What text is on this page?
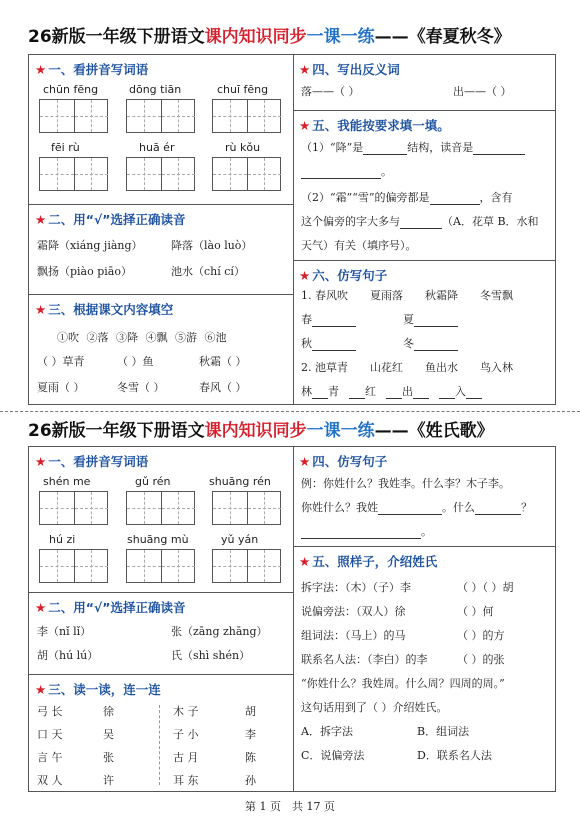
26新版一年级下册语文课内知识同步一课一练——《春夏秋冬》
★ 一、看拼音写词语
chūn fēng	dōng tiān	chuī fēng
fēi rù	huā ér	rù kǒu
★ 二、用“√”选择正确读音
霜降（xiáng jiàng）	降落（lào luò）
飘扬（piào piāo）	池水（chí cí）
★ 三、根据课文内容填空
①吹 ②落 ③降 ④飘 ⑤游 ⑥池
（ ）草青	（ ）鱼	秋霜（ ）
夏雨（ ）	冬雪（ ）	春风（ ）
★ 四、写出反义词
落——（ ）	出——（ ）
★ 五、我能按要求填一填。
（1）“降”是	结构，读音是
。
（2）“霜”“雪”的偏旁都是	，含有
这个偏旁的字大多与	（A．花草 B．水和
天气）有关（填序号）。
★ 六、仿写句子
1. 春风吹　　夏雨落　　秋霜降　　冬雪飘
春	夏
秋	冬
2. 池草青　　山花红　　鱼出水　　鸟入林
林 青 红 出	入
26新版一年级下册语文课内知识同步一课一练——《姓氏歌》
★ 一、看拼音写词语
shén me	gǔ rén	shuāng rén
hú zi	shuāng mù	yǔ yán
★ 二、用“√”选择正确读音
李（nǐ lǐ）	张（zāng zhāng）
胡（hú lú）	氏（shì shén）
★ 三、读一读，连一连
弓 长	徐	木 子	胡
口 天	吴	子 小	李
言 午	张	古 月	陈
双 人	许	耳 东	孙
★ 四、仿写句子
例：你姓什么？我姓李。什么李？木子李。
你姓什么？我姓	。什么	？
。
★ 五、照样子，介绍姓氏
拆字法：（木）（子）李	（ ）（ ）胡
说偏旁法：（双人）徐	（ ）何
组词法：（马上）的马	（ ）的方
联系名人法：（李白）的李	（ ）的张
“你姓什么？我姓周。什么周？四周的周。”
这句话用到了（ ）介绍姓氏。
A．拆字法	B．组词法
C．说偏旁法	D．联系名人法
第 1 页　共 17 页
